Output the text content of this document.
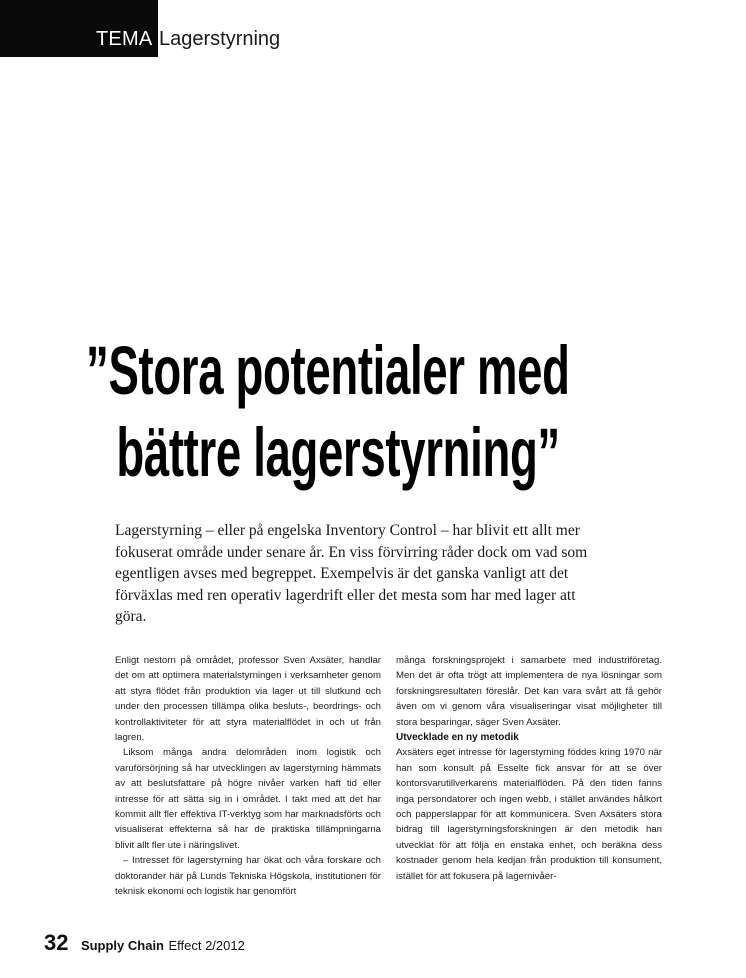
TEMA Lagerstyrning
”Stora potentialer med
bättre lagerstyrning”

Lagerstyrning – eller på engelska Inventory Control – har blivit ett allt mer fokuserat område under senare år. En viss förvirring råder dock om vad som egentligen avses med begreppet. Exempelvis är det ganska vanligt att det förväxlas med ren operativ lagerdrift eller det mesta som har med lager att göra.

Enligt nestorn på området, professor Sven Axsäter, handlar det om att optimera materialstyrningen i verksamheter genom att styra flödet från produktion via lager ut till slutkund och under den processen tillämpa olika besluts-, beordrings- och kontrollaktiviteter för att styra materialflödet in och ut från lagren.

Liksom många andra delområden inom logistik och varuförsörjning så har utvecklingen av lagerstyrning hämmats av att beslutsfattare på högre nivåer varken haft tid eller intresse för att sätta sig in i området. I takt med att det har kommit allt fler effektiva IT-verktyg som har marknadsförts och visualiserat effekterna så har de praktiska tillämpningarna blivit allt fler ute i näringslivet.

– Intresset för lagerstyrning har ökat och våra forskare och doktorander här på Lunds Tekniska Högskola, institutionen för teknisk ekonomi och logistik har genomfört

många forskningsprojekt i samarbete med industriföretag. Men det är ofta trögt att implementera de nya lösningar som forskningsresultaten föreslår. Det kan vara svårt att få gehör även om vi genom våra visualiseringar visat möjligheter till stora besparingar, säger Sven Axsäter.

Utvecklade en ny metodik

Axsäters eget intresse för lagerstyrning föddes kring 1970 när han som konsult på Esselte fick ansvar för att se över kontorsvarutillverkarens materialflöden. På den tiden fanns inga persondatorer och ingen webb, i stället användes hålkort och papperslappar för att kommunicera. Sven Axsäters stora bidrag till lagerstyrningsforskningen är den metodik han utvecklat för att följa en enstaka enhet, och beräkna dess kostnader genom hela kedjan från produktion till konsument, istället för att fokusera på lagernivåer-

32 Supply Chain Effect 2/2012
